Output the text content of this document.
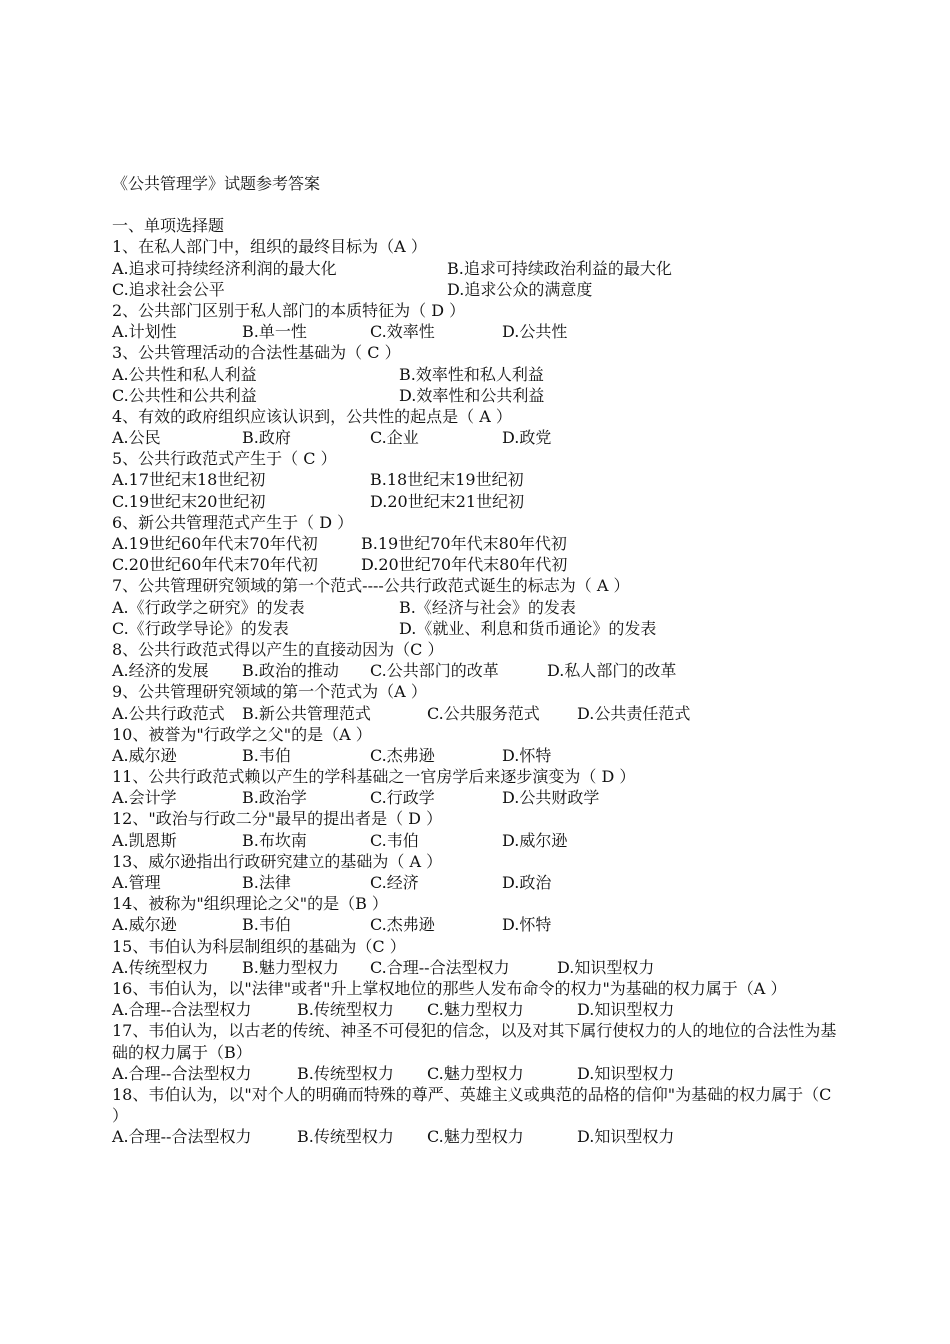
《公共管理学》试题参考答案
一、单项选择题
1、在私人部门中，组织的最终目标为（A ）
A.追求可持续经济利润的最大化	B.追求可持续政治利益的最大化
C.追求社会公平	D.追求公众的满意度
2、公共部门区别于私人部门的本质特征为（ D ）
A.计划性	B.单一性	C.效率性	D.公共性
3、公共管理活动的合法性基础为（ C ）
A.公共性和私人利益	B.效率性和私人利益
C.公共性和公共利益	D.效率性和公共利益
4、有效的政府组织应该认识到，公共性的起点是（ A ）
A.公民	B.政府	C.企业	D.政党
5、公共行政范式产生于（ C ）
A.17世纪末18世纪初	B.18世纪末19世纪初
C.19世纪末20世纪初	D.20世纪末21世纪初
6、新公共管理范式产生于（ D ）
A.19世纪60年代末70年代初	B.19世纪70年代末80年代初
C.20世纪60年代末70年代初	D.20世纪70年代末80年代初
7、公共管理研究领域的第一个范式----公共行政范式诞生的标志为（ A ）
A.《行政学之研究》的发表	B.《经济与社会》的发表
C.《行政学导论》的发表	D.《就业、利息和货币通论》的发表
8、公共行政范式得以产生的直接动因为（C ）
A.经济的发展 B.政治的推动 C.公共部门的改革	D.私人部门的改革
9、公共管理研究领域的第一个范式为（A ）
A.公共行政范式 B.新公共管理范式	C.公共服务范式 D.公共责任范式
10、被誉为"行政学之父"的是（A ）
A.威尔逊	B.韦伯	C.杰弗逊	D.怀特
11、公共行政范式赖以产生的学科基础之一官房学后来逐步演变为（ D ）
A.会计学	B.政治学	C.行政学	D.公共财政学
12、"政治与行政二分"最早的提出者是（ D ）
A.凯恩斯	B.布坎南	C.韦伯	D.威尔逊
13、威尔逊指出行政研究建立的基础为（ A ）
A.管理	B.法律	C.经济	D.政治
14、被称为"组织理论之父"的是（B ）
A.威尔逊	B.韦伯	C.杰弗逊	D.怀特
15、韦伯认为科层制组织的基础为（C ）
A.传统型权力 B.魅力型权力 C.合理--合法型权力	D.知识型权力
16、韦伯认为，以"法律"或者"升上掌权地位的那些人发布命令的权力"为基础的权力属于（A ）
A.合理--合法型权力	B.传统型权力 C.魅力型权力	D.知识型权力
17、韦伯认为，以古老的传统、神圣不可侵犯的信念，以及对其下属行使权力的人的地位的合法性为基础的权力属于（B）
A.合理--合法型权力	B.传统型权力 C.魅力型权力	D.知识型权力
18、韦伯认为，以"对个人的明确而特殊的尊严、英雄主义或典范的品格的信仰"为基础的权力属于（C ）
A.合理--合法型权力	B.传统型权力 C.魅力型权力	D.知识型权力
